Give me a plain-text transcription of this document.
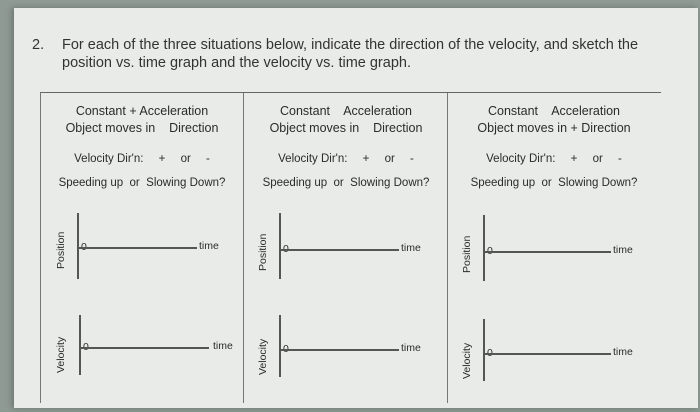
2. For each of the three situations below, indicate the direction of the velocity, and sketch the
position vs. time graph and the velocity vs. time graph.
Constant + Acceleration
Object moves in    Direction
Velocity Dir'n: + or -
Speeding up  or  Slowing Down?
Position	time
Velocity	time
Constant    Acceleration
Object moves in    Direction
Velocity Dir'n: + or -
Speeding up  or  Slowing Down?
Position	time
Velocity	time
Constant    Acceleration
Object moves in + Direction
Velocity Dir'n: + or -
Speeding up  or  Slowing Down?
Position	time
Velocity	time
